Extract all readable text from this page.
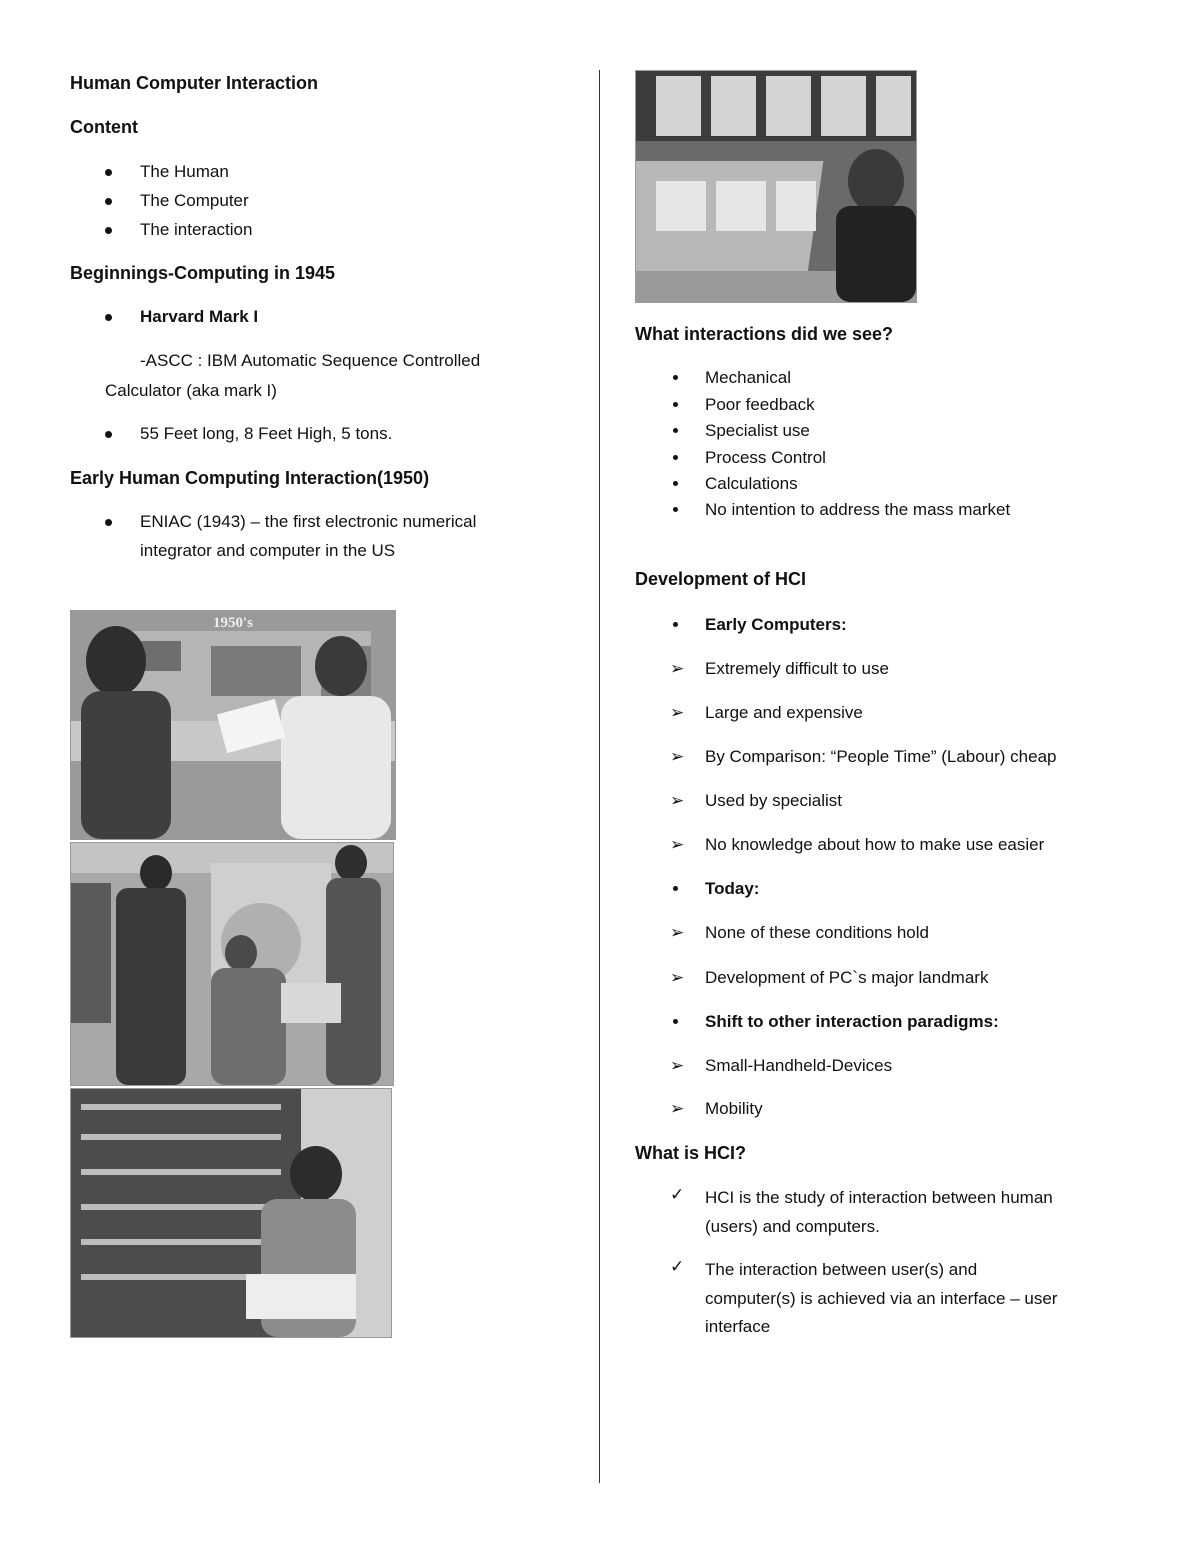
Human Computer Interaction
Content
The Human
The Computer
The interaction
Beginnings-Computing in 1945
Harvard Mark I
-ASCC : IBM Automatic Sequence Controlled
Calculator (aka mark I)
55 Feet long, 8 Feet High, 5 tons.
Early Human Computing Interaction(1950)
ENIAC (1943) – the first electronic numerical
integrator and computer in the US
1950's
What interactions did we see?
Mechanical
Poor feedback
Specialist use
Process Control
Calculations
No intention to address the mass market
Development of HCI
Early Computers:
➢ Extremely difficult to use
➢ Large and expensive
➢ By Comparison: “People Time” (Labour) cheap
➢ Used by specialist
➢ No knowledge about how to make use easier
Today:
➢ None of these conditions hold
➢ Development of PC`s major landmark
Shift to other interaction paradigms:
➢ Small-Handheld-Devices
➢ Mobility
What is HCI?
✓ HCI is the study of interaction between human
(users) and computers.
✓ The interaction between user(s) and
computer(s) is achieved via an interface – user
interface
